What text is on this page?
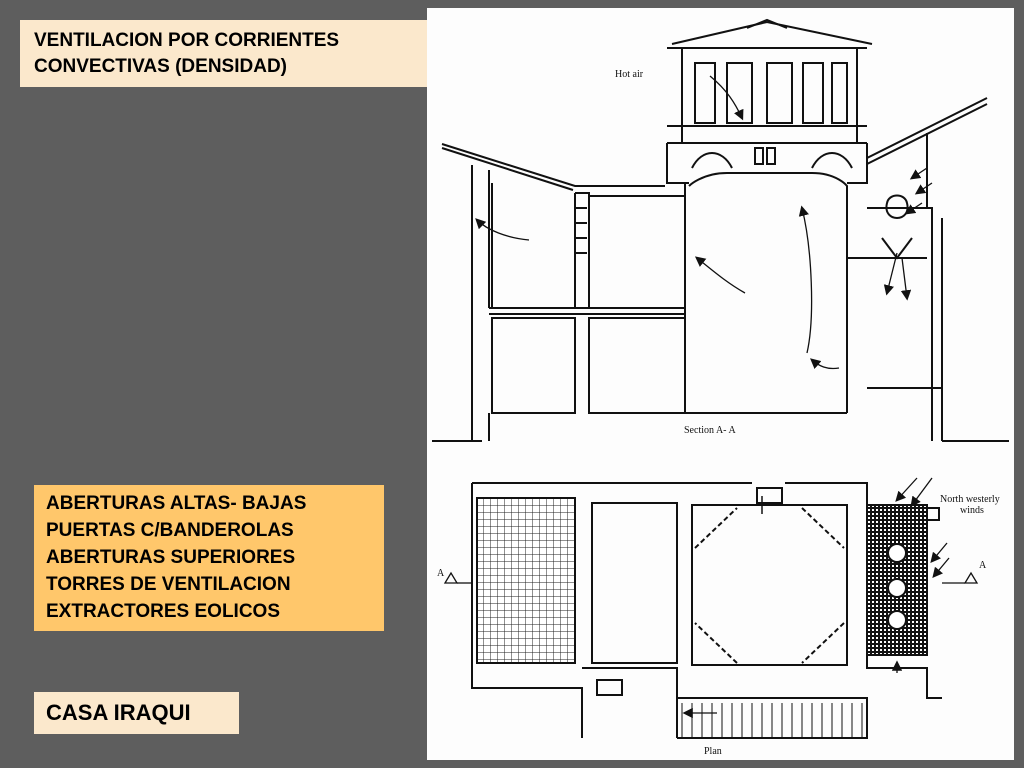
VENTILACION POR CORRIENTES
CONVECTIVAS (DENSIDAD)
ABERTURAS ALTAS- BAJAS
PUERTAS C/BANDEROLAS
ABERTURAS SUPERIORES
TORRES DE VENTILACION
EXTRACTORES EOLICOS
CASA IRAQUI
Hot air
Section A- A
A
A
North westerly
winds
Plan
